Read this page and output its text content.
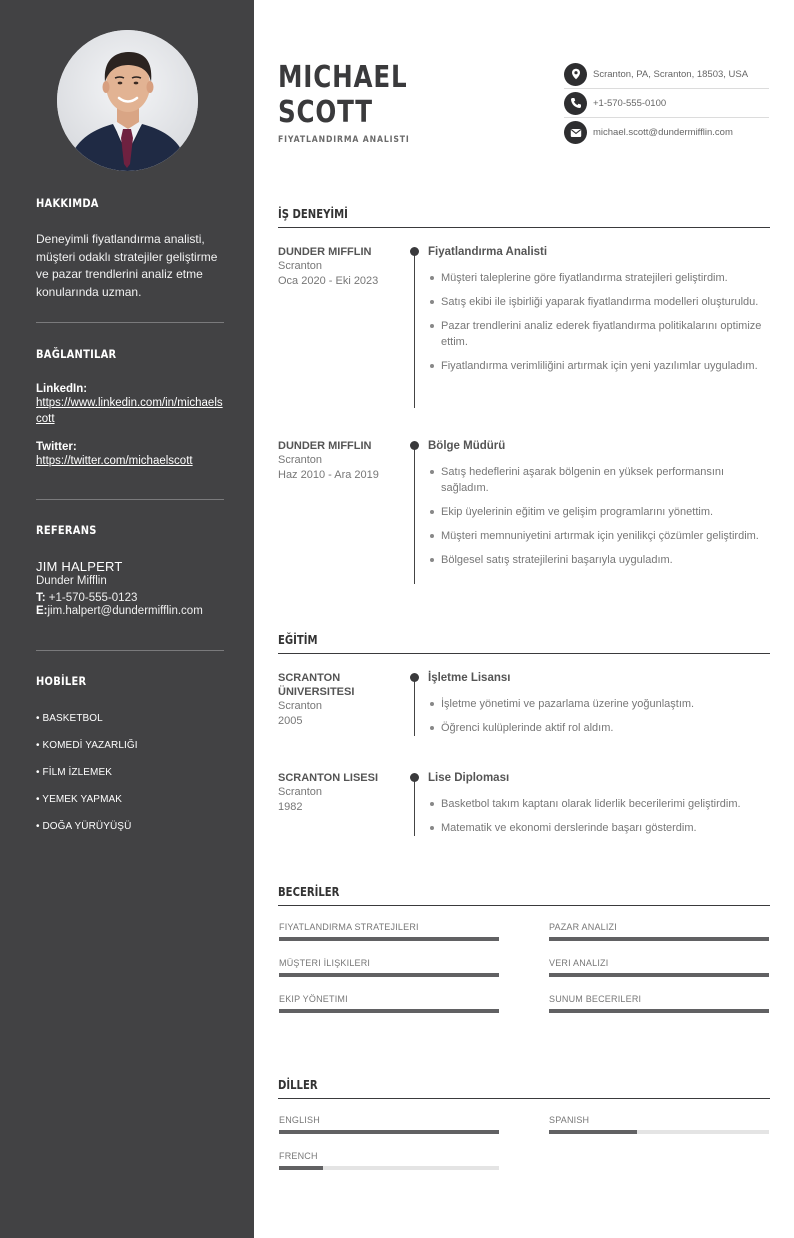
HAKKIMDA

Deneyimli fiyatlandırma analisti, müşteri odaklı stratejiler geliştirme ve pazar trendlerini analiz etme konularında uzman.

BAĞLANTILAR
LinkedIn:
https://www.linkedin.com/in/michaelscott
Twitter:
https://twitter.com/michaelscott
REFERANS
JIM HALPERT
Dunder Mifflin
T: +1-570-555-0123
E:jim.halpert@dundermifflin.com
HOBİLER
• BASKETBOL
• KOMEDİ YAZARLIĞI
• FİLM İZLEMEK
• YEMEK YAPMAK
• DOĞA YÜRÜYÜŞÜ
MICHAEL
SCOTT
FIYATLANDIRMA ANALISTI
Scranton, PA, Scranton, 18503, USA
+1-570-555-0100
michael.scott@dundermifflin.com
İŞ DENEYİMİ
DUNDER MIFFLIN
Scranton
Oca 2020 - Eki 2023
Fiyatlandırma Analisti
Müşteri taleplerine göre fiyatlandırma stratejileri geliştirdim.
Satış ekibi ile işbirliği yaparak fiyatlandırma modelleri oluşturuldu.
Pazar trendlerini analiz ederek fiyatlandırma politikalarını optimize ettim.
Fiyatlandırma verimliliğini artırmak için yeni yazılımlar uyguladım.
DUNDER MIFFLIN
Scranton
Haz 2010 - Ara 2019
Bölge Müdürü
Satış hedeflerini aşarak bölgenin en yüksek performansını sağladım.
Ekip üyelerinin eğitim ve gelişim programlarını yönettim.
Müşteri memnuniyetini artırmak için yenilikçi çözümler geliştirdim.
Bölgesel satış stratejilerini başarıyla uyguladım.
EĞİTİM
SCRANTON ÜNIVERSITESI
Scranton
2005
İşletme Lisansı
İşletme yönetimi ve pazarlama üzerine yoğunlaştım.
Öğrenci kulüplerinde aktif rol aldım.
SCRANTON LISESI
Scranton
1982
Lise Diploması
Basketbol takım kaptanı olarak liderlik becerilerimi geliştirdim.
Matematik ve ekonomi derslerinde başarı gösterdim.
BECERİLER
FIYATLANDIRMA STRATEJILERI	PAZAR ANALIZI
MÜŞTERI İLIŞKILERI	VERI ANALIZI
EKIP YÖNETIMI	SUNUM BECERILERI
DİLLER
ENGLISH	SPANISH
FRENCH
